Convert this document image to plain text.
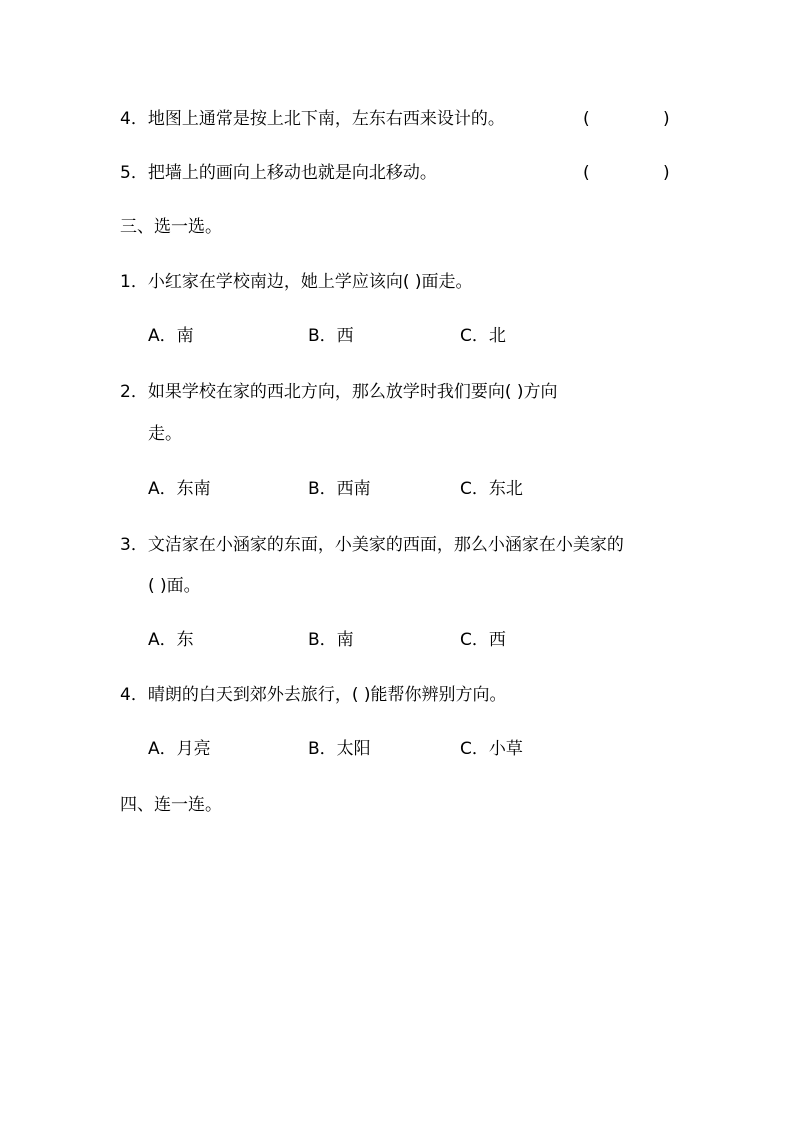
4．地图上通常是按上北下南，左东右西来设计的。	(	)
5．把墙上的画向上移动也就是向北移动。	(	)
三、选一选。
1．小红家在学校南边，她上学应该向( )面走。
A．南	B．西	C．北
2．如果学校在家的西北方向，那么放学时我们要向( )方向
走。
A．东南	B．西南	C．东北
3．文洁家在小涵家的东面，小美家的西面，那么小涵家在小美家的
( )面。
A．东	B．南	C．西
4．晴朗的白天到郊外去旅行，( )能帮你辨别方向。
A．月亮	B．太阳	C．小草
四、连一连。
